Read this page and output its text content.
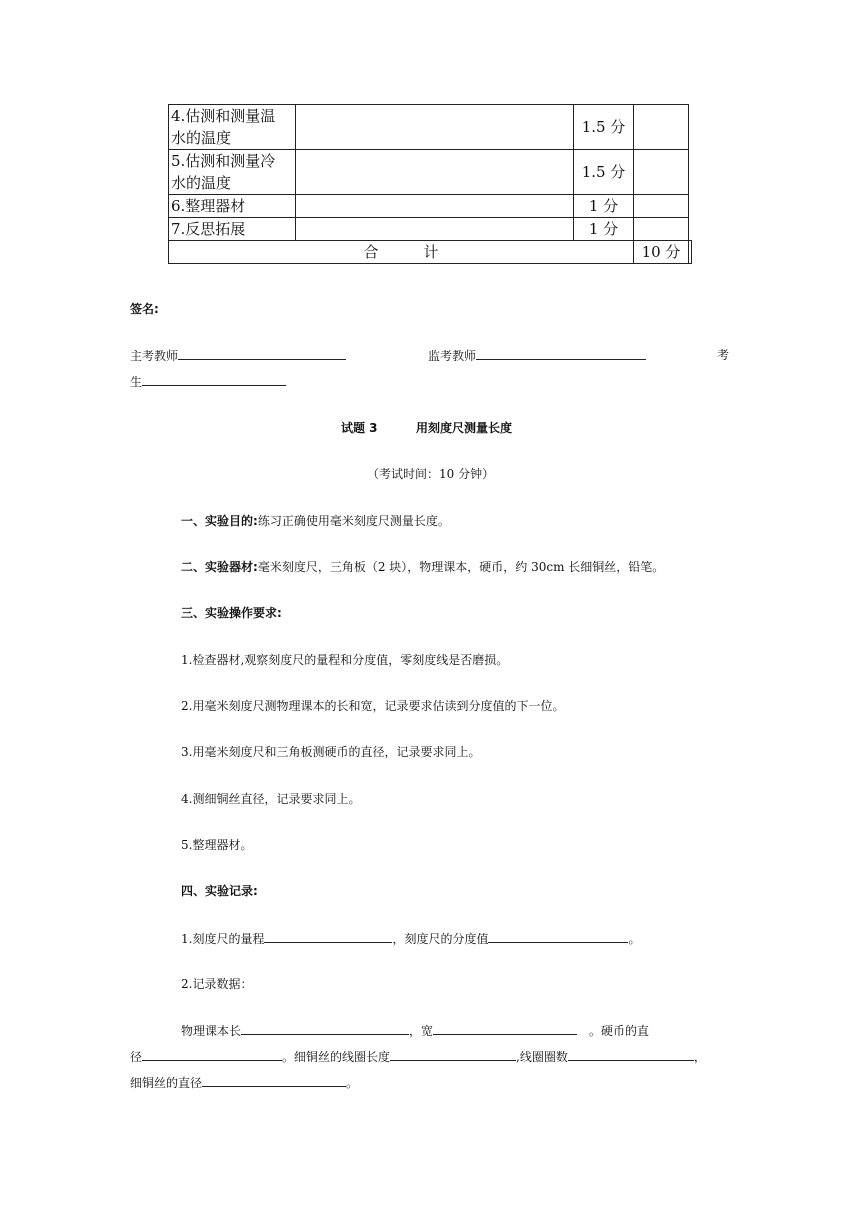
4.估测和测量温
水的温度		1.5 分		
5.估测和测量冷
水的温度		1.5 分		
6.整理器材		1 分		
7.反思拓展		1 分		
合　　　计			10 分	
签名:
主考教师	监考教师	考
生
试题 3	用刻度尺测量长度
（考试时间：10 分钟）
一、实验目的:练习正确使用毫米刻度尺测量长度。
二、实验器材:毫米刻度尺，三角板（2 块），物理课本，硬币，约 30cm 长细铜丝，铅笔。
三、实验操作要求:
1.检查器材,观察刻度尺的量程和分度值，零刻度线是否磨损。
2.用毫米刻度尺测物理课本的长和宽，记录要求估读到分度值的下一位。
3.用毫米刻度尺和三角板测硬币的直径，记录要求同上。
4.测细铜丝直径，记录要求同上。
5.整理器材。
四、实验记录:
1.刻度尺的量程	，刻度尺的分度值	。
2.记录数据：
物理课本长	，宽	。硬币的直
径	。细铜丝的线圈长度	,线圈圈数	，
细铜丝的直径	。
